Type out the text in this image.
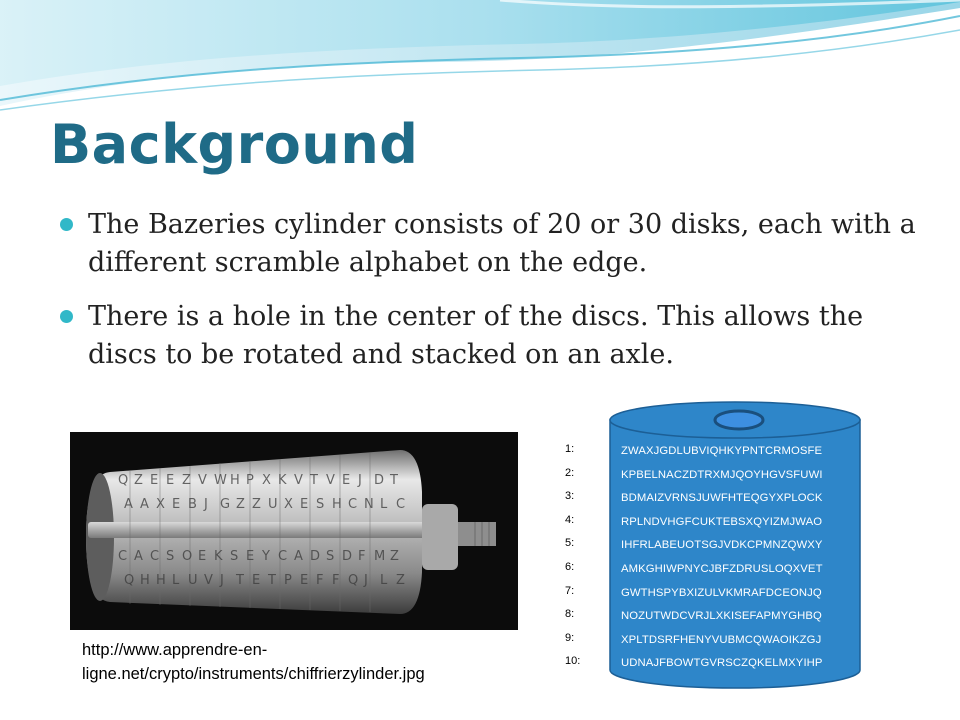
Background
The Bazeries cylinder consists of 20 or 30 disks, each with a different scramble alphabet on the edge.
There is a hole in the center of the discs. This allows the discs to be rotated and stacked on an axle.
Q Z E E Z V W H P X K V T V E J D T
A A X E B J G Z Z U X E S H C N L C
C A C S O E K S E Y C A D S D F M Z
Q H H L U V J T E T P E F F Q J L Z
http://www.apprendre-en-ligne.net/crypto/instruments/chiffrierzylinder.jpg
1:
2:
3:
4:
5:
6:
7:
8:
9:
10:
ZWAXJGDLUBVIQHKYPNTCRMOSFE
KPBELNACZDTRXMJQOYHGVSFUWI
BDMAIZVRNSJUWFHTEQGYXPLOCK
RPLNDVHGFCUKTEBSXQYIZMJWAO
IHFRLABEUOTSGJVDKCPMNZQWXY
AMKGHIWPNYCJBFZDRUSLOQXVET
GWTHSPYBXIZULVKMRAFDCEONJQ
NOZUTWDCVRJLXKISEFAPMYGHBQ
XPLTDSRFHENYVUBMCQWAOIKZGJ
UDNAJFBOWTGVRSCZQKELMXYIHP
